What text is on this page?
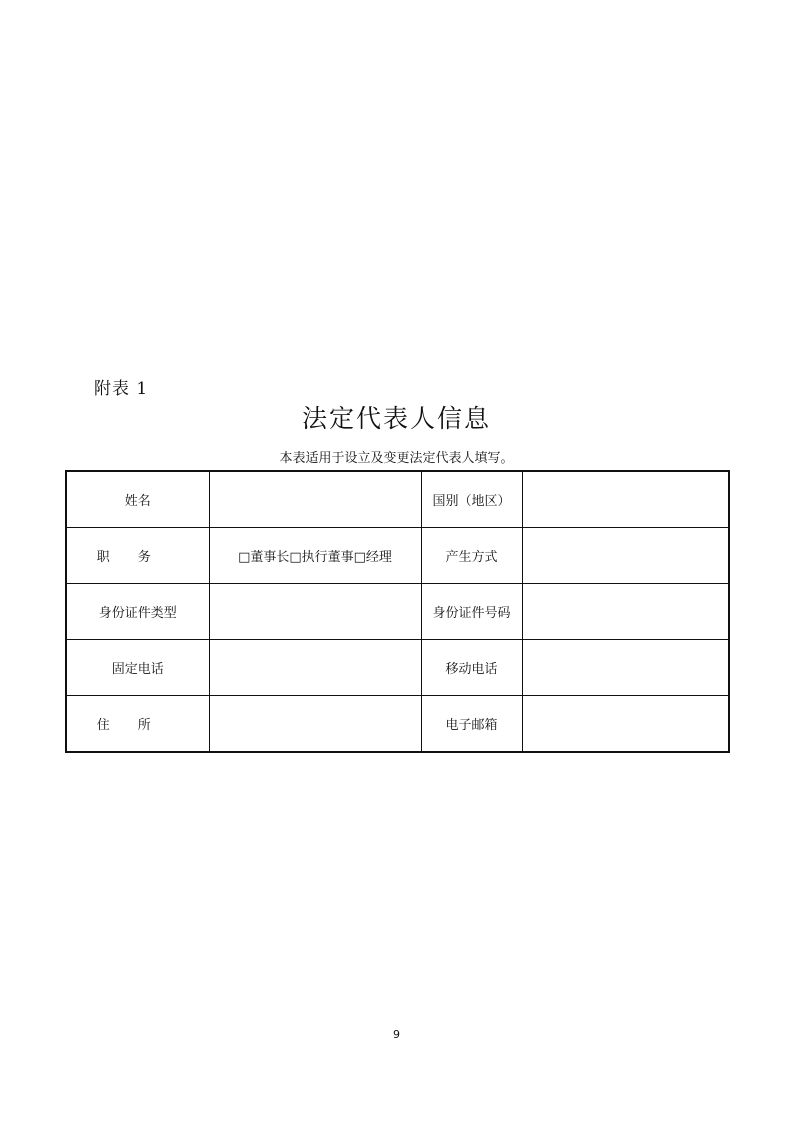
附表 1
法定代表人信息
本表适用于设立及变更法定代表人填写。
姓名		国别（地区）	
职务	□董事长□执行董事□经理	产生方式	
身份证件类型		身份证件号码	
固定电话		移动电话	
住所		电子邮箱	
9
